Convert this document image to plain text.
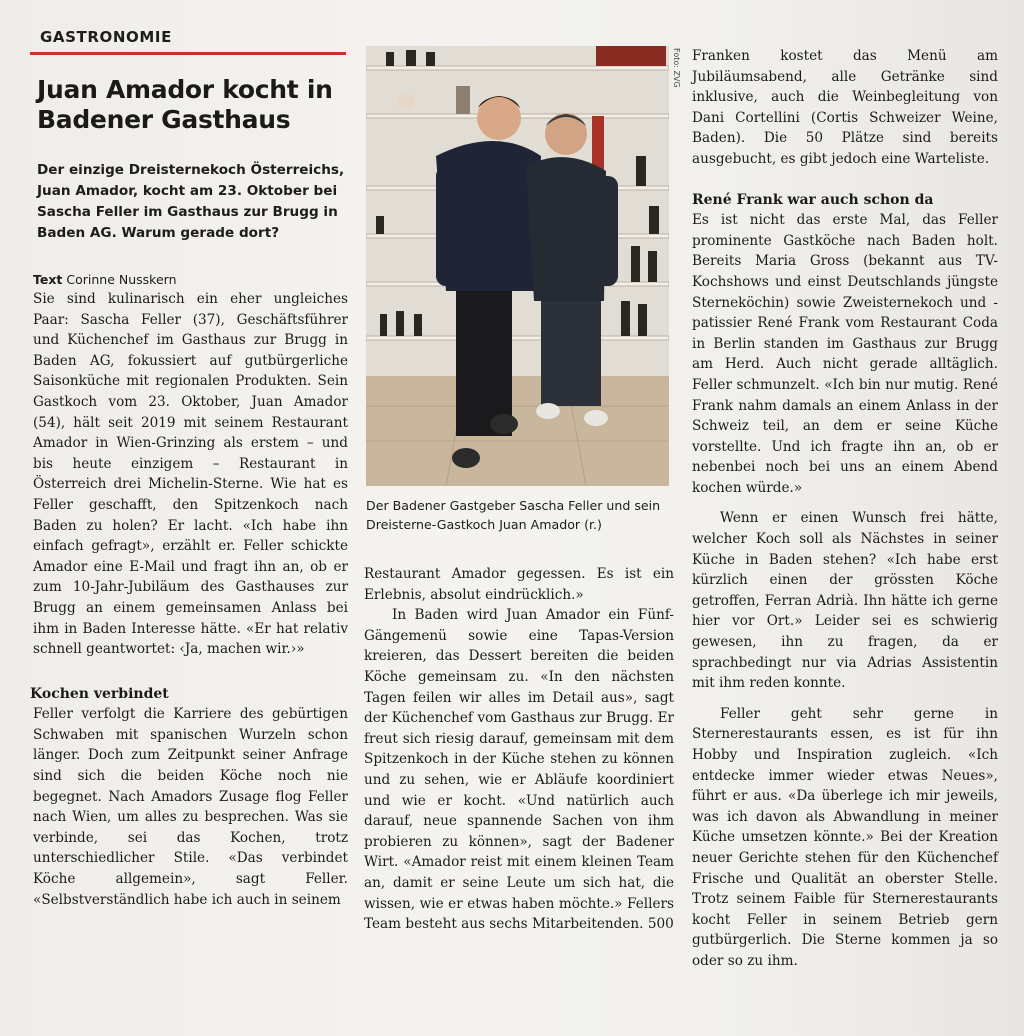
GASTRONOMIE
Juan Amador kocht in Badener Gasthaus

Der einzige Dreisternekoch Österreichs, Juan Amador, kocht am 23. Oktober bei Sascha Feller im Gasthaus zur Brugg in Baden AG. Warum gerade dort?

Text Corinne Nusskern

Sie sind kulinarisch ein eher ungleiches Paar: Sascha Feller (37), Geschäftsführer und Küchenchef im Gasthaus zur Brugg in Baden AG, fokussiert auf gutbürgerliche Saisonküche mit regionalen Produkten. Sein Gastkoch vom 23. Oktober, Juan Amador (54), hält seit 2019 mit seinem Restaurant Amador in Wien-Grinzing als erstem – und bis heute einzigem – Restaurant in Österreich drei Michelin-Sterne. Wie hat es Feller geschafft, den Spitzenkoch nach Baden zu holen? Er lacht. «Ich habe ihn einfach gefragt», erzählt er. Feller schickte Amador eine E-Mail und fragt ihn an, ob er zum 10-Jahr-Jubiläum des Gasthauses zur Brugg an einem gemeinsamen Anlass bei ihm in Baden Interesse hätte. «Er hat relativ schnell geantwortet: ‹Ja, machen wir.›»

Kochen verbindet

Feller verfolgt die Karriere des gebürtigen Schwaben mit spanischen Wurzeln schon länger. Doch zum Zeitpunkt seiner Anfrage sind sich die beiden Köche noch nie begegnet. Nach Amadors Zusage flog Feller nach Wien, um alles zu besprechen. Was sie verbinde, sei das Kochen, trotz unterschiedlicher Stile. «Das verbindet Köche allgemein», sagt Feller. «Selbstverständlich habe ich auch in seinem

Der Badener Gastgeber Sascha Feller und sein Dreisterne-Gastkoch Juan Amador (r.)

Restaurant Amador gegessen. Es ist ein Erlebnis, absolut eindrücklich.»

In Baden wird Juan Amador ein Fünf-Gängemenü sowie eine Tapas-Version kreieren, das Dessert bereiten die beiden Köche gemeinsam zu. «In den nächsten Tagen feilen wir alles im Detail aus», sagt der Küchenchef vom Gasthaus zur Brugg. Er freut sich riesig darauf, gemeinsam mit dem Spitzenkoch in der Küche stehen zu können und zu sehen, wie er Abläufe koordiniert und wie er kocht. «Und natürlich auch darauf, neue spannende Sachen von ihm probieren zu können», sagt der Badener Wirt. «Amador reist mit einem kleinen Team an, damit er seine Leute um sich hat, die wissen, wie er etwas haben möchte.» Fellers Team besteht aus sechs Mitarbeitenden. 500

Foto: ZVG Franken kostet das Menü am Jubiläumsabend, alle Getränke sind inklusive, auch die Weinbegleitung von Dani Cortellini (Cortis Schweizer Weine, Baden). Die 50 Plätze sind bereits ausgebucht, es gibt jedoch eine Warteliste.

René Frank war auch schon da

Es ist nicht das erste Mal, das Feller prominente Gastköche nach Baden holt. Bereits Maria Gross (bekannt aus TV-Kochshows und einst Deutschlands jüngste Sterneköchin) sowie Zweisternekoch und -patissier René Frank vom Restaurant Coda in Berlin standen im Gasthaus zur Brugg am Herd. Auch nicht gerade alltäglich. Feller schmunzelt. «Ich bin nur mutig. René Frank nahm damals an einem Anlass in der Schweiz teil, an dem er seine Küche vorstellte. Und ich fragte ihn an, ob er nebenbei noch bei uns an einem Abend kochen würde.»

Wenn er einen Wunsch frei hätte, welcher Koch soll als Nächstes in seiner Küche in Baden stehen? «Ich habe erst kürzlich einen der grössten Köche getroffen, Ferran Adrià. Ihn hätte ich gerne hier vor Ort.» Leider sei es schwierig gewesen, ihn zu fragen, da er sprachbedingt nur via Adrias Assistentin mit ihm reden konnte.

Feller geht sehr gerne in Sternerestaurants essen, es ist für ihn Hobby und Inspiration zugleich. «Ich entdecke immer wieder etwas Neues», führt er aus. «Da überlege ich mir jeweils, was ich davon als Abwandlung in meiner Küche umsetzen könnte.» Bei der Kreation neuer Gerichte stehen für den Küchenchef Frische und Qualität an oberster Stelle. Trotz seinem Faible für Sternerestaurants kocht Feller in seinem Betrieb gern gutbürgerlich. Die Sterne kommen ja so oder so zu ihm.
